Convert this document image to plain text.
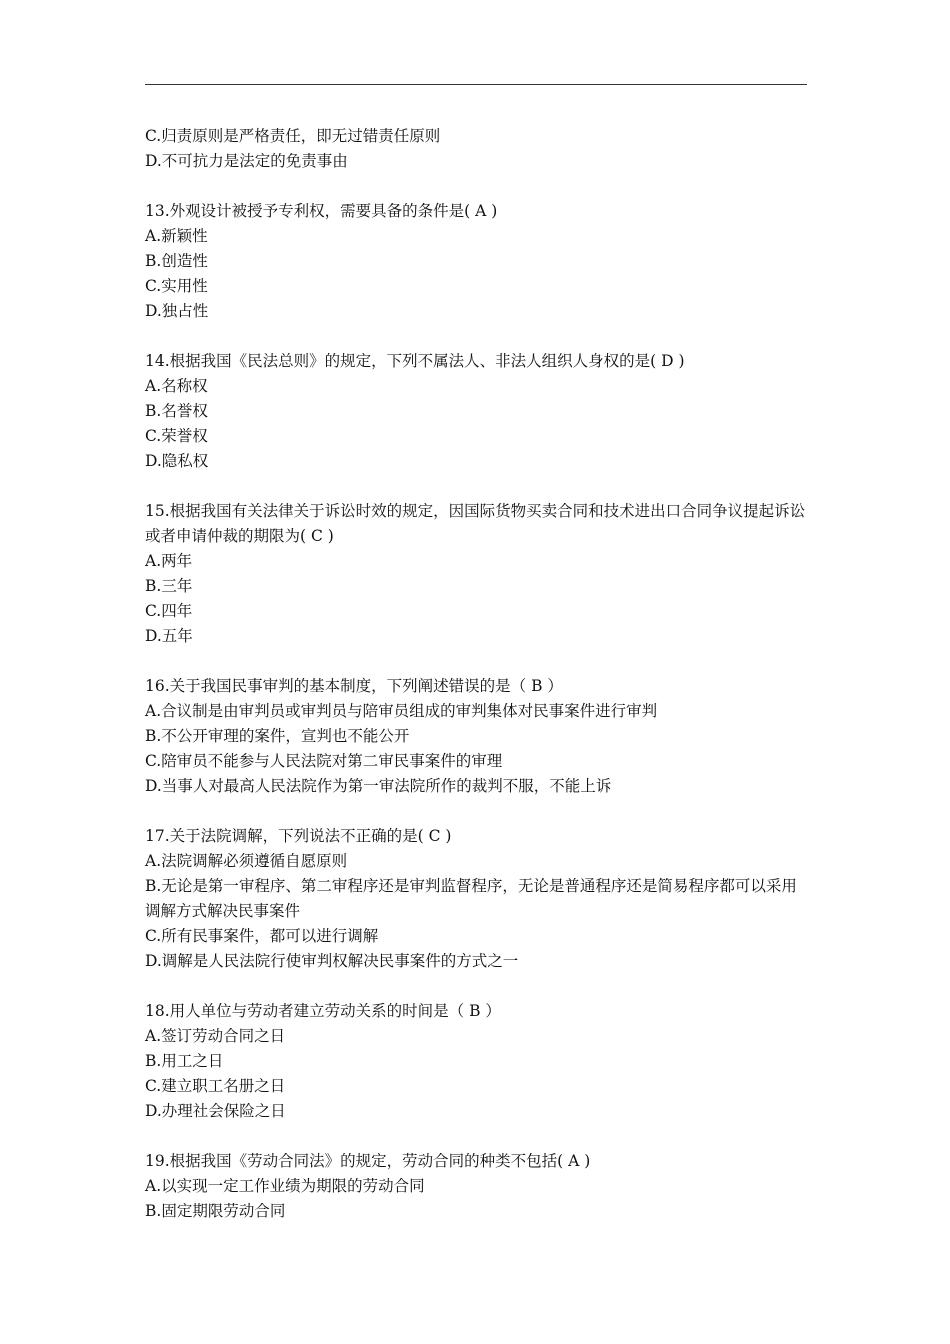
C.归责原则是严格责任，即无过错责任原则
D.不可抗力是法定的免责事由
13.外观设计被授予专利权，需要具备的条件是( A )
A.新颖性
B.创造性
C.实用性
D.独占性
14.根据我国《民法总则》的规定，下列不属法人、非法人组织人身权的是( D )
A.名称权
B.名誉权
C.荣誉权
D.隐私权
15.根据我国有关法律关于诉讼时效的规定，因国际货物买卖合同和技术进出口合同争议提起诉讼或者申请仲裁的期限为( C )
A.两年
B.三年
C.四年
D.五年
16.关于我国民事审判的基本制度，下列阐述错误的是（ B ）
A.合议制是由审判员或审判员与陪审员组成的审判集体对民事案件进行审判
B.不公开审理的案件，宣判也不能公开
C.陪审员不能参与人民法院对第二审民事案件的审理
D.当事人对最高人民法院作为第一审法院所作的裁判不服，不能上诉
17.关于法院调解，下列说法不正确的是( C )
A.法院调解必须遵循自愿原则
B.无论是第一审程序、第二审程序还是审判监督程序，无论是普通程序还是简易程序都可以采用调解方式解决民事案件
C.所有民事案件，都可以进行调解
D.调解是人民法院行使审判权解决民事案件的方式之一
18.用人单位与劳动者建立劳动关系的时间是（ B ）
A.签订劳动合同之日
B.用工之日
C.建立职工名册之日
D.办理社会保险之日
19.根据我国《劳动合同法》的规定，劳动合同的种类不包括( A )
A.以实现一定工作业绩为期限的劳动合同
B.固定期限劳动合同
